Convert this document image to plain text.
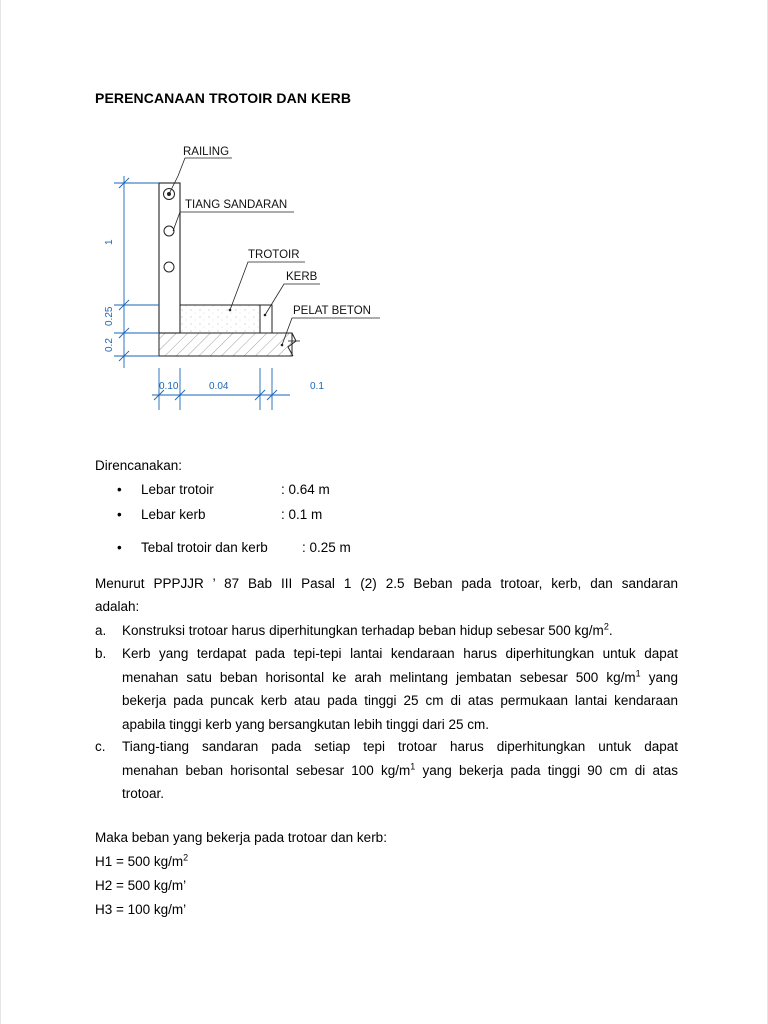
PERENCANAAN TROTOIR DAN KERB
RAILING
TIANG SANDARAN
TROTOIR
KERB
PELAT BETON
1
0.25
0.2
0.10	0.04	0.1
Direncanakan:
• Lebar trotoir	: 0.64 m
• Lebar kerb	: 0.1 m
• Tebal trotoir dan kerb	: 0.25 m
Menurut PPPJJR ’ 87 Bab III Pasal 1 (2) 2.5 Beban pada trotoar, kerb, dan sandaran
adalah:
a. Konstruksi trotoar harus diperhitungkan terhadap beban hidup sebesar 500 $kg/m^2$.
b. Kerb yang terdapat pada tepi-tepi lantai kendaraan harus diperhitungkan untuk dapat
menahan satu beban horisontal ke arah melintang jembatan sebesar 500 $kg/m^1$ yang
bekerja pada puncak kerb atau pada tinggi 25 cm di atas permukaan lantai kendaraan
apabila tinggi kerb yang bersangkutan lebih tinggi dari 25 cm.
c. Tiang-tiang sandaran pada setiap tepi trotoar harus diperhitungkan untuk dapat
menahan beban horisontal sebesar 100 $kg/m^1$ yang bekerja pada tinggi 90 cm di atas
trotoar.
Maka beban yang bekerja pada trotoar dan kerb:
H1 = 500 $kg/m^2$
H2 = 500 kg/m’
H3 = 100 kg/m’
